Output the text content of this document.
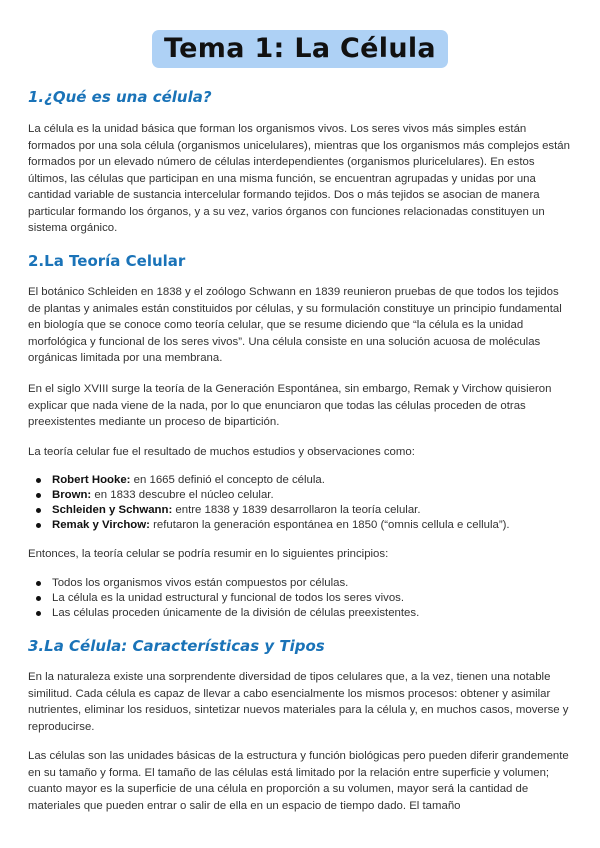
Tema 1: La Célula
1.¿Qué es una célula?

La célula es la unidad básica que forman los organismos vivos. Los seres vivos más simples están formados por una sola célula (organismos unicelulares), mientras que los organismos más complejos están formados por un elevado número de células interdependientes (organismos pluricelulares). En estos últimos, las células que participan en una misma función, se encuentran agrupadas y unidas por una cantidad variable de sustancia intercelular formando tejidos. Dos o más tejidos se asocian de manera particular formando los órganos, y a su vez, varios órganos con funciones relacionadas constituyen un sistema orgánico.

2.La Teoría Celular

El botánico Schleiden en 1838 y el zoólogo Schwann en 1839 reunieron pruebas de que todos los tejidos de plantas y animales están constituidos por células, y su formulación constituye un principio fundamental en biología que se conoce como teoría celular, que se resume diciendo que “la célula es la unidad morfológica y funcional de los seres vivos”. Una célula consiste en una solución acuosa de moléculas orgánicas limitada por una membrana.

En el siglo XVIII surge la teoría de la Generación Espontánea, sin embargo, Remak y Virchow quisieron explicar que nada viene de la nada, por lo que enunciaron que todas las células proceden de otras preexistentes mediante un proceso de bipartición.

La teoría celular fue el resultado de muchos estudios y observaciones como:

Robert Hooke: en 1665 definió el concepto de célula.
Brown: en 1833 descubre el núcleo celular.
Schleiden y Schwann: entre 1838 y 1839 desarrollaron la teoría celular.
Remak y Virchow: refutaron la generación espontánea en 1850 (“omnis cellula e cellula”).

Entonces, la teoría celular se podría resumir en lo siguientes principios:

Todos los organismos vivos están compuestos por células.
La célula es la unidad estructural y funcional de todos los seres vivos.
Las células proceden únicamente de la división de células preexistentes.
3.La Célula: Características y Tipos

En la naturaleza existe una sorprendente diversidad de tipos celulares que, a la vez, tienen una notable similitud. Cada célula es capaz de llevar a cabo esencialmente los mismos procesos: obtener y asimilar nutrientes, eliminar los residuos, sintetizar nuevos materiales para la célula y, en muchos casos, moverse y reproducirse.

Las células son las unidades básicas de la estructura y función biológicas pero pueden diferir grandemente en su tamaño y forma. El tamaño de las células está limitado por la relación entre superficie y volumen; cuanto mayor es la superficie de una célula en proporción a su volumen, mayor será la cantidad de materiales que pueden entrar o salir de ella en un espacio de tiempo dado. El tamaño
